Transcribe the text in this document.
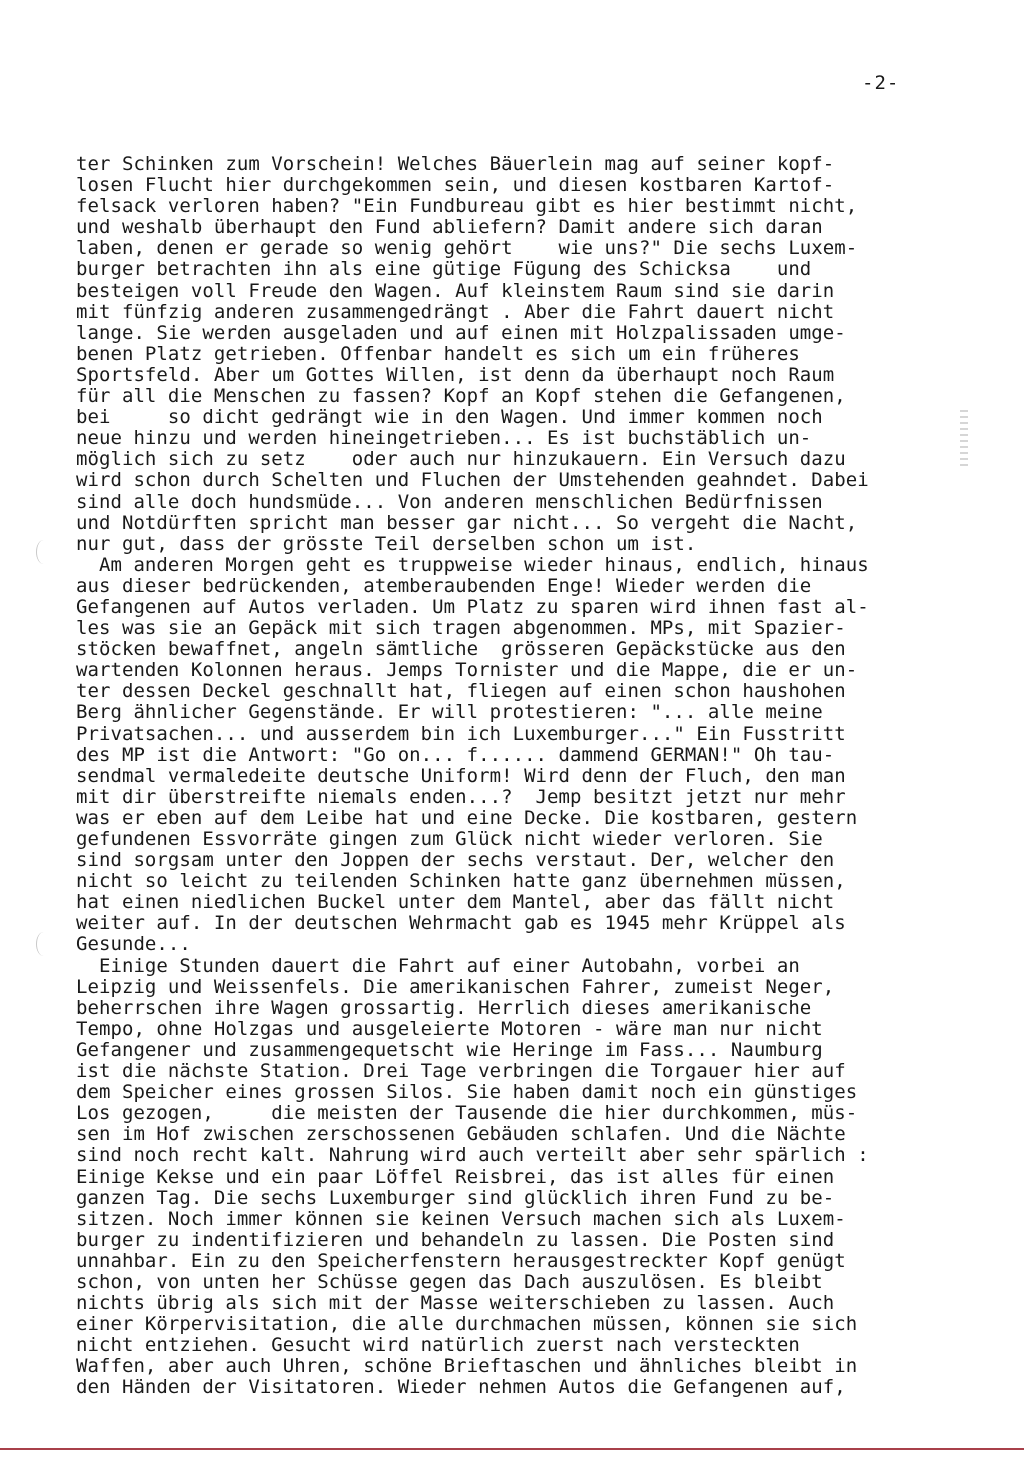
-2-
ter Schinken zum Vorschein! Welches Bäuerlein mag auf seiner kopf-
losen Flucht hier durchgekommen sein, und diesen kostbaren Kartof-
felsack verloren haben? "Ein Fundbureau gibt es hier bestimmt nicht,
und weshalb überhaupt den Fund abliefern? Damit andere sich daran
laben, denen er gerade so wenig gehört    wie uns?" Die sechs Luxem-
burger betrachten ihn als eine gütige Fügung des Schicksa    und
besteigen voll Freude den Wagen. Auf kleinstem Raum sind sie darin
mit fünfzig anderen zusammengedrängt . Aber die Fahrt dauert nicht
lange. Sie werden ausgeladen und auf einen mit Holzpalissaden umge-
benen Platz getrieben. Offenbar handelt es sich um ein früheres
Sportsfeld. Aber um Gottes Willen, ist denn da überhaupt noch Raum
für all die Menschen zu fassen? Kopf an Kopf stehen die Gefangenen,
bei     so dicht gedrängt wie in den Wagen. Und immer kommen noch
neue hinzu und werden hineingetrieben... Es ist buchstäblich un-
möglich sich zu setz    oder auch nur hinzukauern. Ein Versuch dazu
wird schon durch Schelten und Fluchen der Umstehenden geahndet. Dabei
sind alle doch hundsmüde... Von anderen menschlichen Bedürfnissen
und Notdürften spricht man besser gar nicht... So vergeht die Nacht,
nur gut, dass der grösste Teil derselben schon um ist.
Am anderen Morgen geht es truppweise wieder hinaus, endlich, hinaus
aus dieser bedrückenden, atemberaubenden Enge! Wieder werden die
Gefangenen auf Autos verladen. Um Platz zu sparen wird ihnen fast al-
les was sie an Gepäck mit sich tragen abgenommen. MPs, mit Spazier-
stöcken bewaffnet, angeln sämtliche  grösseren Gepäckstücke aus den
wartenden Kolonnen heraus. Jemps Tornister und die Mappe, die er un-
ter dessen Deckel geschnallt hat, fliegen auf einen schon haushohen
Berg ähnlicher Gegenstände. Er will protestieren: "... alle meine
Privatsachen... und ausserdem bin ich Luxemburger..." Ein Fusstritt
des MP ist die Antwort: "Go on... f...... dammend GERMAN!" Oh tau-
sendmal vermaledeite deutsche Uniform! Wird denn der Fluch, den man
mit dir überstreifte niemals enden...?  Jemp besitzt jetzt nur mehr
was er eben auf dem Leibe hat und eine Decke. Die kostbaren, gestern
gefundenen Essvorräte gingen zum Glück nicht wieder verloren. Sie
sind sorgsam unter den Joppen der sechs verstaut. Der, welcher den
nicht so leicht zu teilenden Schinken hatte ganz übernehmen müssen,
hat einen niedlichen Buckel unter dem Mantel, aber das fällt nicht
weiter auf. In der deutschen Wehrmacht gab es 1945 mehr Krüppel als
Gesunde...
Einige Stunden dauert die Fahrt auf einer Autobahn, vorbei an
Leipzig und Weissenfels. Die amerikanischen Fahrer, zumeist Neger,
beherrschen ihre Wagen grossartig. Herrlich dieses amerikanische
Tempo, ohne Holzgas und ausgeleierte Motoren - wäre man nur nicht
Gefangener und zusammengequetscht wie Heringe im Fass... Naumburg
ist die nächste Station. Drei Tage verbringen die Torgauer hier auf
dem Speicher eines grossen Silos. Sie haben damit noch ein günstiges
Los gezogen,     die meisten der Tausende die hier durchkommen, müs-
sen im Hof zwischen zerschossenen Gebäuden schlafen. Und die Nächte
sind noch recht kalt. Nahrung wird auch verteilt aber sehr spärlich :
Einige Kekse und ein paar Löffel Reisbrei, das ist alles für einen
ganzen Tag. Die sechs Luxemburger sind glücklich ihren Fund zu be-
sitzen. Noch immer können sie keinen Versuch machen sich als Luxem-
burger zu indentifizieren und behandeln zu lassen. Die Posten sind
unnahbar. Ein zu den Speicherfenstern herausgestreckter Kopf genügt
schon, von unten her Schüsse gegen das Dach auszulösen. Es bleibt
nichts übrig als sich mit der Masse weiterschieben zu lassen. Auch
einer Körpervisitation, die alle durchmachen müssen, können sie sich
nicht entziehen. Gesucht wird natürlich zuerst nach versteckten
Waffen, aber auch Uhren, schöne Brieftaschen und ähnliches bleibt in
den Händen der Visitatoren. Wieder nehmen Autos die Gefangenen auf,
